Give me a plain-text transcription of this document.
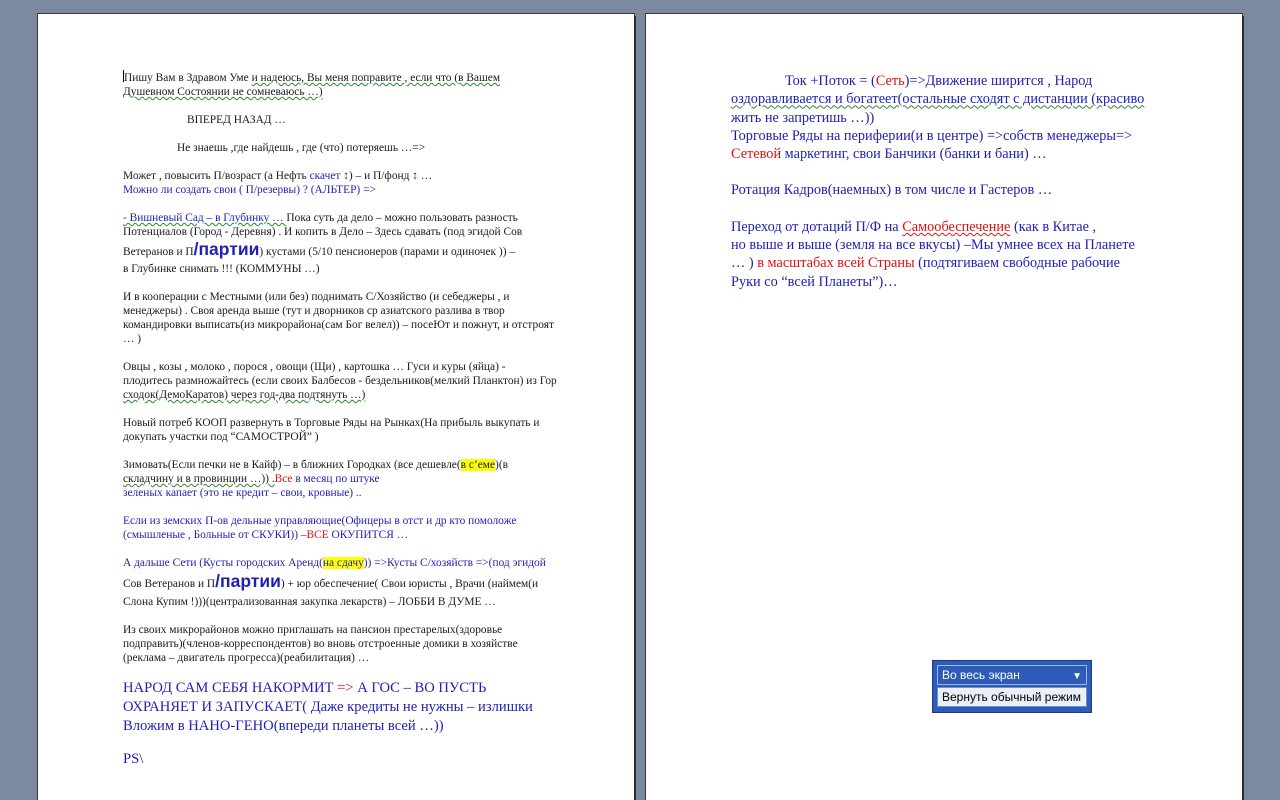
Пишу Вам в Здравом Уме и надеюсь, Вы меня поправите , если что (в Вашем

Душевном Состоянии не сомневаюсь …)

ВПЕРЕД НАЗАД …

Не знаешь ,где найдешь , где (что) потеряешь …=>

Может , повысить П/возраст (а Нефть скачет ↕) – и П/фонд ↕ …

Можно ли создать свои ( П/резервы) ? (АЛЬТЕР) =>

- Вишневый Сад – в Глубинку … Пока суть да дело – можно пользовать разность

Потенциалов (Город - Деревня) . И копить в Дело – Здесь сдавать (под эгидой Сов

Ветеранов и П/партии) кустами (5/10 пенсионеров (парами и одиночек )) –

в Глубинке снимать !!! (КОММУНЫ …)

И в кооперации с Местными (или без) поднимать С/Хозяйство (и себеджеры , и

менеджеры) . Своя аренда выше (тут и дворников ср азиатского разлива в твор

командировки выписать(из микрорайона(сам Бог велел)) – посеЮт и пожнут, и отстроят

… )

Овцы , козы , молоко , порося , овощи (Щи) , картошка … Гуси и куры (яйца) -

плодитесь размножайтесь (если своих Балбесов - бездельников(мелкий Планктон) из Гор

сходок(ДемоКаратов) через год-два подтянуть …)

Новый потреб КООП развернуть в Торговые Ряды на Рынках(На прибыль выкупать и

докупать участки под “САМОСТРОЙ” )

Зимовать(Если печки не в Кайф) – в ближних Городках (все дешевле(в с’еме)(в

складчину и в провинции …)) .Все в месяц по штуке

зеленых капает (это не кредит – свои, кровные) ..

Если из земских П-ов дельные управляющие(Офицеры в отст и др кто помоложе

(смышленые , Больные от СКУКИ)) –ВСЕ ОКУПИТСЯ …

А дальше Сети (Кусты городских Аренд(на сдачу)) =>Кусты С/хозяйств =>(под эгидой

Сов Ветеранов и П/партии) + юр обеспечение( Свои юристы , Врачи (наймем(и

Слона Купим !)))(централизованная закупка лекарств) – ЛОББИ В ДУМЕ …

Из своих микрорайонов можно приглашать на пансион престарелых(здоровье

подправить)(членов-корреспондентов) во вновь отстроенные домики в хозяйстве

(реклама – двигатель прогресса)(реабилитация) …

НАРОД САМ СЕБЯ НАКОРМИТ => А ГОС – ВО ПУСТЬ

ОХРАНЯЕТ И ЗАПУСКАЕТ( Даже кредиты не нужны – излишки

Вложим в НАНО-ГЕНО(впереди планеты всей …))

PS\

Ток +Поток = (Сеть)=>Движение ширится , Народ

оздоравливается и богатеет(остальные сходят с дистанции (красиво

жить не запретишь …))

Торговые Ряды на периферии(и в центре) =>собств менеджеры=>

Сетевой маркетинг, свои Банчики (банки и бани) …

Ротация Кадров(наемных) в том числе и Гастеров …

Переход от дотаций П/Ф на Самообеспечение (как в Китае ,

но выше и выше (земля на все вкусы) –Мы умнее всех на Планете

… ) в масштабах всей Страны (подтягиваем свободные рабочие

Руки со “всей Планеты”)…

Во весь экран	▼
Вернуть обычный режим
